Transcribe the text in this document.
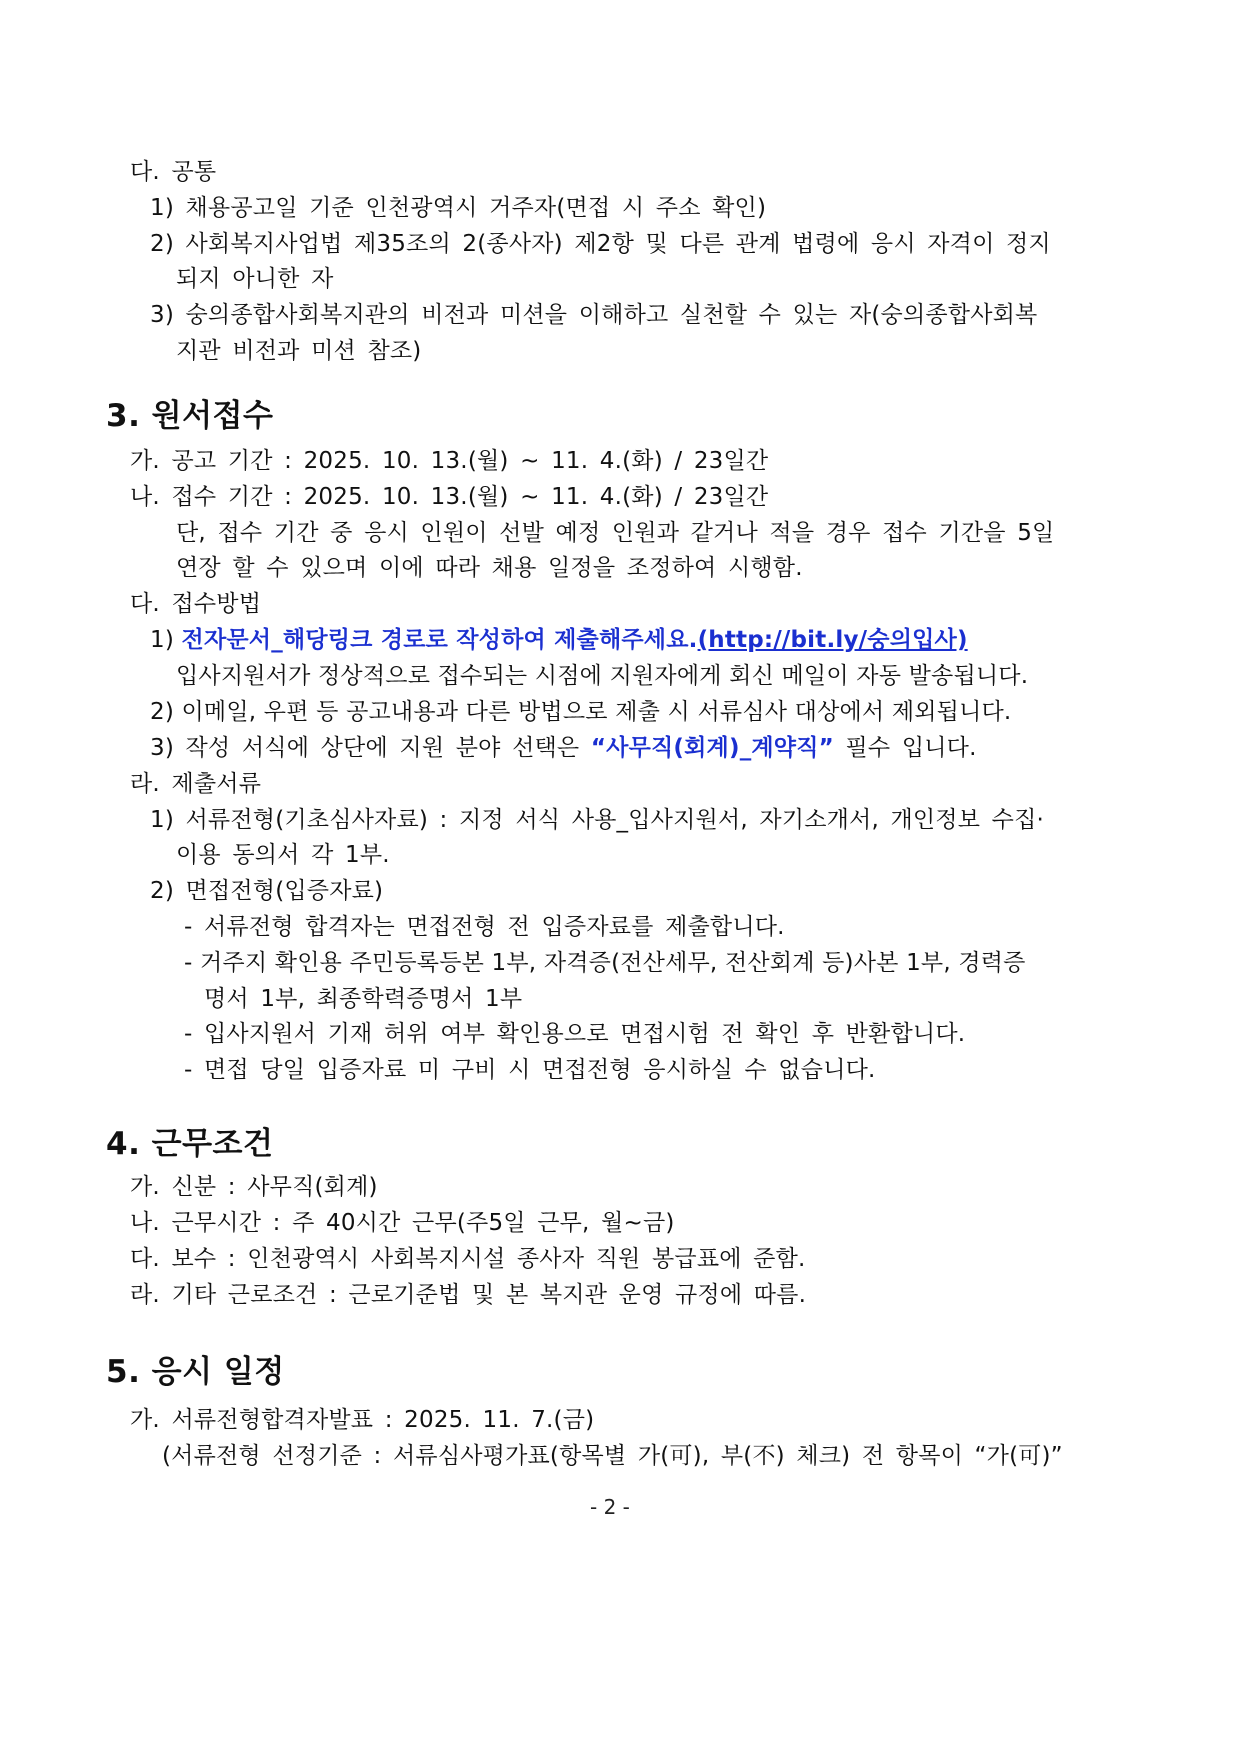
다. 공통
1) 채용공고일 기준 인천광역시 거주자(면접 시 주소 확인)
2) 사회복지사업법 제35조의 2(종사자) 제2항 및 다른 관계 법령에 응시 자격이 정지
되지 아니한 자
3) 숭의종합사회복지관의 비전과 미션을 이해하고 실천할 수 있는 자(숭의종합사회복
지관 비전과 미션 참조)
3. 원서접수
가. 공고 기간 : 2025. 10. 13.(월) ~ 11. 4.(화) / 23일간
나. 접수 기간 : 2025. 10. 13.(월) ~ 11. 4.(화) / 23일간
단, 접수 기간 중 응시 인원이 선발 예정 인원과 같거나 적을 경우 접수 기간을 5일
연장 할 수 있으며 이에 따라 채용 일정을 조정하여 시행함.
다. 접수방법
1) 전자문서_해당링크 경로로 작성하여 제출해주세요.(http://bit.ly/숭의입사)
입사지원서가 정상적으로 접수되는 시점에 지원자에게 회신 메일이 자동 발송됩니다.
2) 이메일, 우편 등 공고내용과 다른 방법으로 제출 시 서류심사 대상에서 제외됩니다.
3) 작성 서식에 상단에 지원 분야 선택은 “사무직(회계)_계약직” 필수 입니다.
라. 제출서류
1) 서류전형(기초심사자료) : 지정 서식 사용_입사지원서, 자기소개서, 개인정보 수집·
이용 동의서 각 1부.
2) 면접전형(입증자료)
- 서류전형 합격자는 면접전형 전 입증자료를 제출합니다.
- 거주지 확인용 주민등록등본 1부, 자격증(전산세무, 전산회계 등)사본 1부, 경력증
명서 1부, 최종학력증명서 1부
- 입사지원서 기재 허위 여부 확인용으로 면접시험 전 확인 후 반환합니다.
- 면접 당일 입증자료 미 구비 시 면접전형 응시하실 수 없습니다.
4. 근무조건
가. 신분 : 사무직(회계)
나. 근무시간 : 주 40시간 근무(주5일 근무, 월~금)
다. 보수 : 인천광역시 사회복지시설 종사자 직원 봉급표에 준함.
라. 기타 근로조건 : 근로기준법 및 본 복지관 운영 규정에 따름.
5. 응시 일정
가. 서류전형합격자발표 : 2025. 11. 7.(금)
(서류전형 선정기준 : 서류심사평가표(항목별 가(可), 부(不) 체크) 전 항목이 “가(可)”
- 2 -
